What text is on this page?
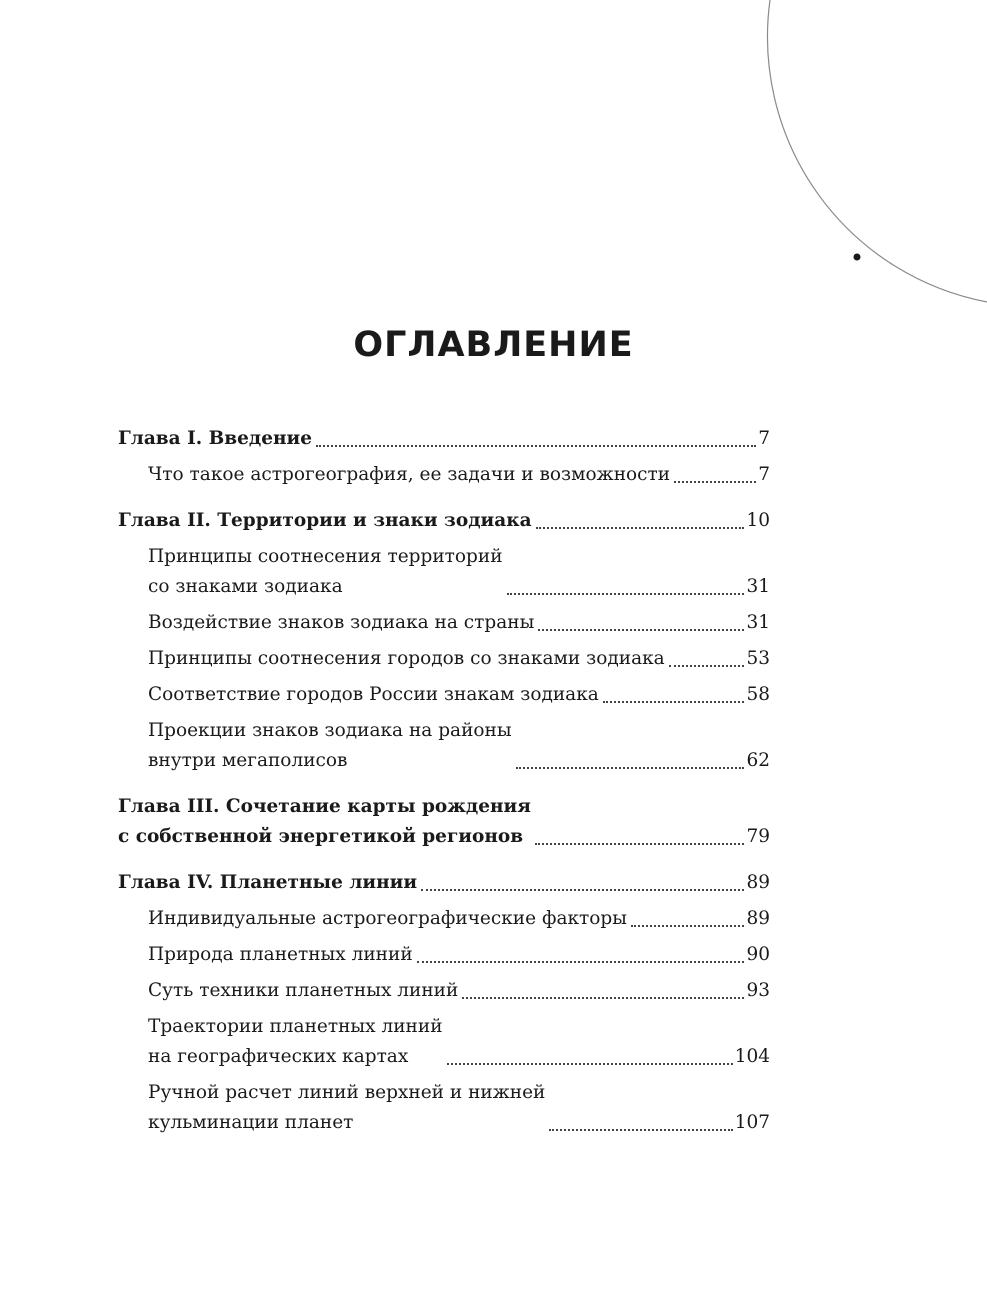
ОГЛАВЛЕНИЕ
Глава I. Введение	7
Что такое астрогеография, ее задачи и возможности	7
Глава II. Территории и знаки зодиака	10
Принципы соотнесения территорий
со знаками зодиака	31
Воздействие знаков зодиака на страны	31
Принципы соотнесения городов со знаками зодиака	53
Соответствие городов России знакам зодиака	58
Проекции знаков зодиака на районы
внутри мегаполисов	62
Глава III. Сочетание карты рождения
с собственной энергетикой регионов	79
Глава IV. Планетные линии	89
Индивидуальные астрогеографические факторы	89
Природа планетных линий	90
Суть техники планетных линий	93
Траектории планетных линий
на географических картах	104
Ручной расчет линий верхней и нижней
кульминации планет	107
